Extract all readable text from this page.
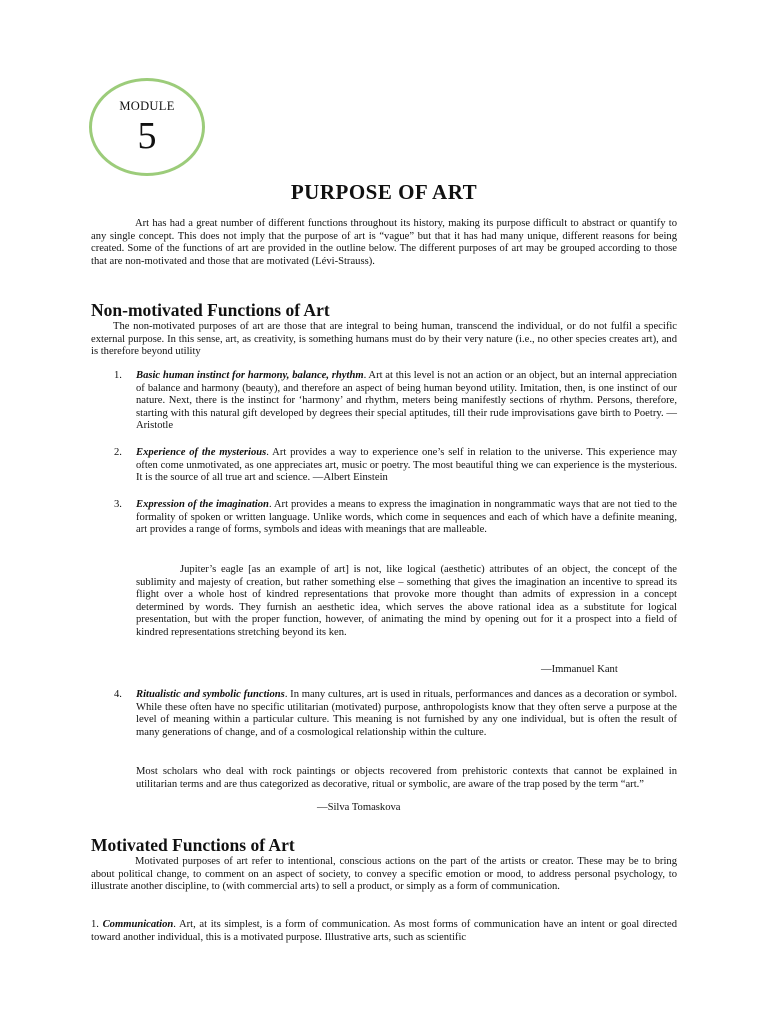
MODULE
5
PURPOSE OF ART

Art has had a great number of different functions throughout its history, making its purpose difficult to abstract or quantify to any single concept. This does not imply that the purpose of art is “vague” but that it has had many unique, different reasons for being created. Some of the functions of art are provided in the outline below. The different purposes of art may be grouped according to those that are non-motivated and those that are motivated (Lévi-Strauss).

Non-motivated Functions of Art

The non-motivated purposes of art are those that are integral to being human, transcend the individual, or do not fulfil a specific external purpose. In this sense, art, as creativity, is something humans must do by their very nature (i.e., no other species creates art), and is therefore beyond utility

1. Basic human instinct for harmony, balance, rhythm. Art at this level is not an action or an object, but an internal appreciation of balance and harmony (beauty), and therefore an aspect of being human beyond utility. Imitation, then, is one instinct of our nature. Next, there is the instinct for ‘harmony’ and rhythm, meters being manifestly sections of rhythm. Persons, therefore, starting with this natural gift developed by degrees their special aptitudes, till their rude improvisations gave birth to Poetry. —Aristotle

2. Experience of the mysterious. Art provides a way to experience one’s self in relation to the universe. This experience may often come unmotivated, as one appreciates art, music or poetry. The most beautiful thing we can experience is the mysterious. It is the source of all true art and science. —Albert Einstein

3. Expression of the imagination. Art provides a means to express the imagination in nongrammatic ways that are not tied to the formality of spoken or written language. Unlike words, which come in sequences and each of which have a definite meaning, art provides a range of forms, symbols and ideas with meanings that are malleable.

Jupiter’s eagle [as an example of art] is not, like logical (aesthetic) attributes of an object, the concept of the sublimity and majesty of creation, but rather something else – something that gives the imagination an incentive to spread its flight over a whole host of kindred representations that provoke more thought than admits of expression in a concept determined by words. They furnish an aesthetic idea, which serves the above rational idea as a substitute for logical presentation, but with the proper function, however, of animating the mind by opening out for it a prospect into a field of kindred representations stretching beyond its ken.

—Immanuel Kant
4. Ritualistic and symbolic functions. In many cultures, art is used in rituals, performances and dances as a decoration or symbol. While these often have no specific utilitarian (motivated) purpose, anthropologists know that they often serve a purpose at the level of meaning within a particular culture. This meaning is not furnished by any one individual, but is often the result of many generations of change, and of a cosmological relationship within the culture.

Most scholars who deal with rock paintings or objects recovered from prehistoric contexts that cannot be explained in utilitarian terms and are thus categorized as decorative, ritual or symbolic, are aware of the trap posed by the term “art.”

—Silva Tomaskova
Motivated Functions of Art

Motivated purposes of art refer to intentional, conscious actions on the part of the artists or creator. These may be to bring about political change, to comment on an aspect of society, to convey a specific emotion or mood, to address personal psychology, to illustrate another discipline, to (with commercial arts) to sell a product, or simply as a form of communication.

1. Communication. Art, at its simplest, is a form of communication. As most forms of communication have an intent or goal directed toward another individual, this is a motivated purpose. Illustrative arts, such as scientific
